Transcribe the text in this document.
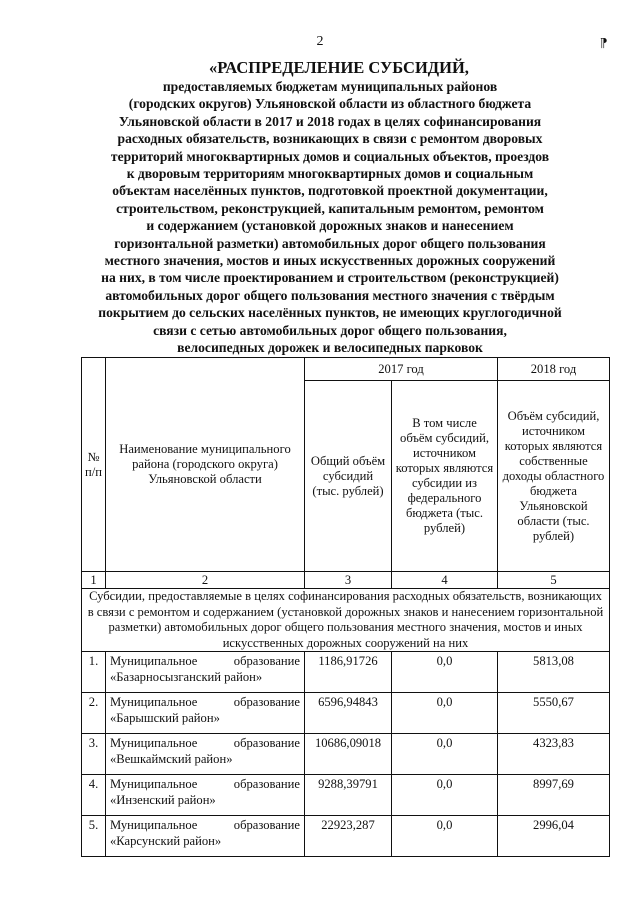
2	⁋
«РАСПРЕДЕЛЕНИЕ СУБСИДИЙ,
предоставляемых бюджетам муниципальных районов
(городских округов) Ульяновской области из областного бюджета
Ульяновской области в 2017 и 2018 годах в целях софинансирования
расходных обязательств, возникающих в связи с ремонтом дворовых
территорий многоквартирных домов и социальных объектов, проездов
к дворовым территориям многоквартирных домов и социальным
объектам населённых пунктов, подготовкой проектной документации,
строительством, реконструкцией, капитальным ремонтом, ремонтом
и содержанием (установкой дорожных знаков и нанесением
горизонтальной разметки) автомобильных дорог общего пользования
местного значения, мостов и иных искусственных дорожных сооружений
на них, в том числе проектированием и строительством (реконструкцией)
автомобильных дорог общего пользования местного значения с твёрдым
покрытием до сельских населённых пунктов, не имеющих круглогодичной
связи с сетью автомобильных дорог общего пользования,
велосипедных дорожек и велосипедных парковок
№ п/п	Наименование муниципального района (городского округа) Ульяновской области	2017 год		2018 год
		Общий объём субсидий (тыс. рублей)	В том числе объём субсидий, источником которых являются субсидии из федерального бюджета (тыс. рублей)	Объём субсидий, источником которых являются собственные доходы областного бюджета Ульяновской области (тыс. рублей)
1	2	3	4	5
Субсидии, предоставляемые в целях софинансирования расходных обязательств, возникающих в связи с ремонтом и содержанием (установкой дорожных знаков и нанесением горизонтальной разметки) автомобильных дорог общего пользования местного значения, мостов и иных искусственных дорожных сооружений на них				
1.	Муниципальное образование «Базарносызганский район»	1186,91726	0,0	5813,08
2.	Муниципальное образование «Барышский район»	6596,94843	0,0	5550,67
3.	Муниципальное образование «Вешкаймский район»	10686,09018	0,0	4323,83
4.	Муниципальное образование «Инзенский район»	9288,39791	0,0	8997,69
5.	Муниципальное образование «Карсунский район»	22923,287	0,0	2996,04
